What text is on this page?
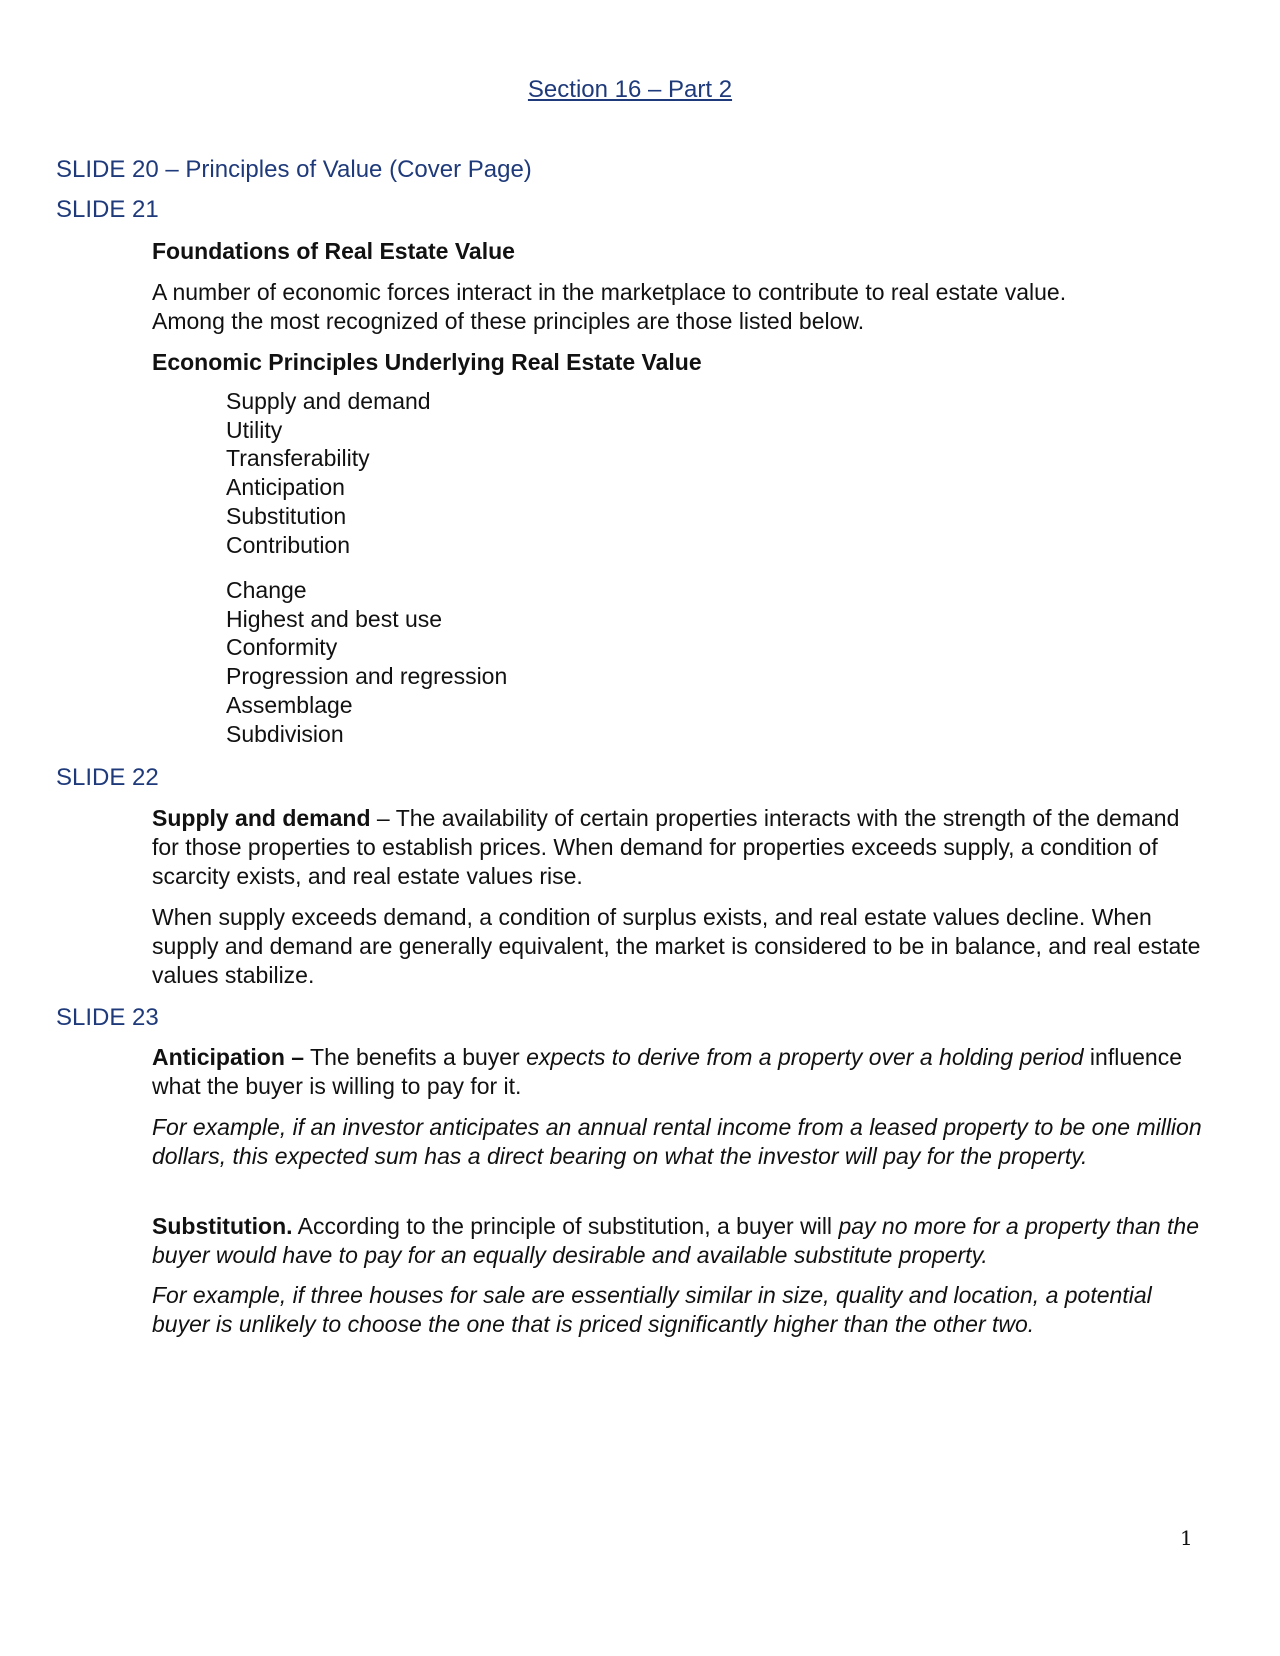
Section 16 – Part 2
SLIDE 20 – Principles of Value (Cover Page)
SLIDE 21
Foundations of Real Estate Value
A number of economic forces interact in the marketplace to contribute to real estate value.
Among the most recognized of these principles are those listed below.
Economic Principles Underlying Real Estate Value
Supply and demand
Utility
Transferability
Anticipation
Substitution
Contribution
Change
Highest and best use
Conformity
Progression and regression
Assemblage
Subdivision
SLIDE 22

Supply and demand – The availability of certain properties interacts with the strength of the demand for those properties to establish prices. When demand for properties exceeds supply, a condition of scarcity exists, and real estate values rise.

When supply exceeds demand, a condition of surplus exists, and real estate values decline. When supply and demand are generally equivalent, the market is considered to be in balance, and real estate values stabilize.

SLIDE 23

Anticipation – The benefits a buyer expects to derive from a property over a holding period influence what the buyer is willing to pay for it.

For example, if an investor anticipates an annual rental income from a leased property to be one million dollars, this expected sum has a direct bearing on what the investor will pay for the property.

Substitution. According to the principle of substitution, a buyer will pay no more for a property than the buyer would have to pay for an equally desirable and available substitute property.

For example, if three houses for sale are essentially similar in size, quality and location, a potential buyer is unlikely to choose the one that is priced significantly higher than the other two.

1
